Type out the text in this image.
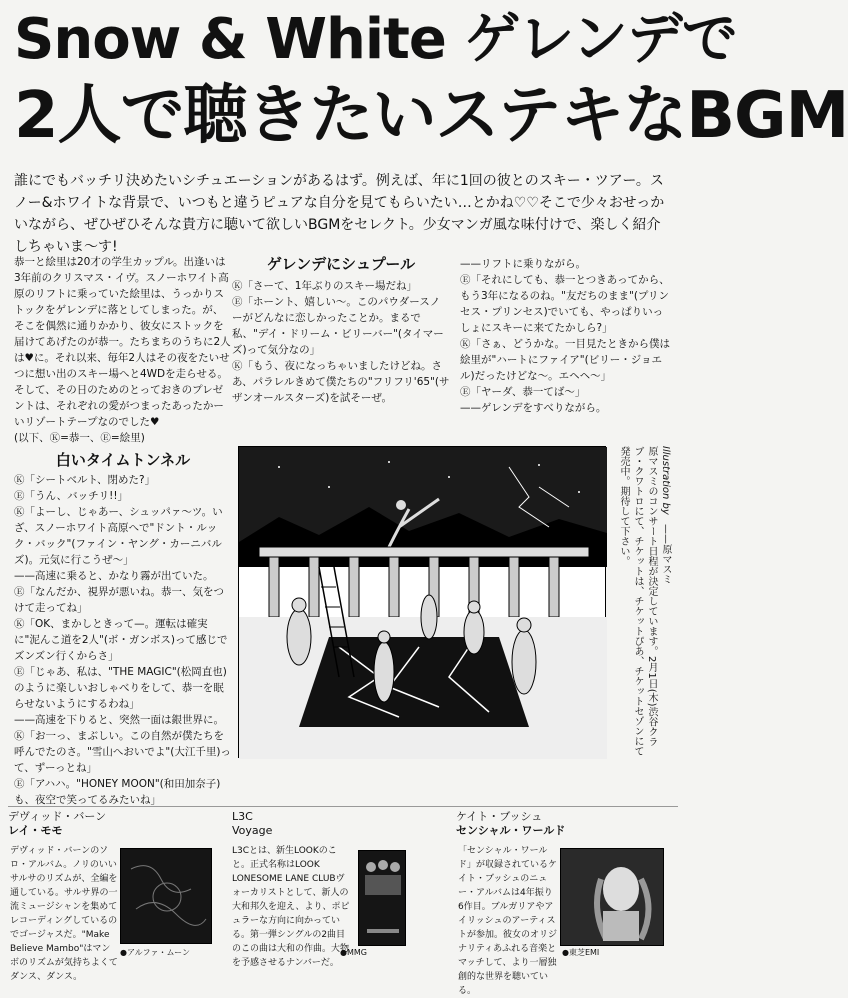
Snow & White ゲレンデで
2人で聴きたいステキなBGM
誰にでもバッチリ決めたいシチュエーションがあるはず。例えば、年に1回の彼とのスキー・ツアー。スノー&ホワイトな背景で、いつもと違うピュアな自分を見てもらいたい…とかね♡♡そこで少々おせっかいながら、ぜひぜひそんな貴方に聴いて欲しいBGMをセレクト。少女マンガ風な味付けで、楽しく紹介しちゃいま〜す!

恭一と絵里は20才の学生カップル。出逢いは3年前のクリスマス・イヴ。スノーホワイト高原のリフトに乗っていた絵里は、うっかりストックをゲレンデに落としてしまった。が、そこを偶然に通りかかり、彼女にストックを届けてあげたのが恭一。たちまちのうちに2人は♥に。それ以来、毎年2人はその夜をたいせつに想い出のスキー場へと4WDを走らせる。そして、その日のためのとっておきのプレゼントは、それぞれの愛がつまったあったかーいリゾートテープなのでした♥

(以下、Ⓚ=恭一、Ⓔ=絵里)

白いタイムトンネル

Ⓚ「シートベルト、閉めた?」

Ⓔ「うん、バッチリ!!」

Ⓚ「よーし、じゃあー、シュッパァ〜ツ。いざ、スノーホワイト高原へで"ドント・ルック・バック"(ファイン・ヤング・カーニバルズ)。元気に行こうぜ〜」

——高速に乗ると、かなり霧が出ていた。

Ⓔ「なんだか、視界が悪いね。恭一、気をつけて走ってね」

Ⓚ「OK、まかしときって—。運転は確実に"泥んこ道を2人"(ボ・ガンボス)って感じでズンズン行くからさ」

Ⓔ「じゃあ、私は、"THE MAGIC"(松岡直也)のように楽しいおしゃべりをして、恭一を眠らせないようにするわね」

——高速を下りると、突然一面は銀世界に。

Ⓚ「お一っ、まぶしい。この自然が僕たちを呼んでたのさ。"雪山へおいでよ"(大江千里)って、ずーっとね」

Ⓔ「アハハ。"HONEY MOON"(和田加奈子)も、夜空で笑ってるみたいね」

ゲレンデにシュプール

Ⓚ「さーて、1年ぶりのスキー場だね」

Ⓔ「ホーント、嬉しい〜。このパウダースノーがどんなに恋しかったことか。まるで私、"デイ・ドリーム・ビリーバー"(タイマーズ)って気分なの」

Ⓚ「もう、夜になっちゃいましたけどね。さあ、パラレルきめて僕たちの"フリフリ'65"(サザンオールスターズ)を試そーぜ。

——リフトに乗りながら。

Ⓔ「それにしても、恭一とつきあってから、もう3年になるのね。"友だちのまま"(プリンセス・プリンセス)でいても、やっぱりいっしょにスキーに来てたかしら?」

Ⓚ「さぁ、どうかな。一目見たときから僕は絵里が"ハートにファイア"(ビリー・ジョエル)だったけどな〜。エヘヘ〜」

Ⓔ「ヤーダ、恭一てば〜」

——ゲレンデをすべりながら。

Illustration by ——原マスミ
原マスミのコンサート日程が決定しています。2月1日(木)渋谷クラブ・クワトロにて、チケットは、チケットぴあ、チケットセゾンにて発売中。期待して下さい。
デヴィッド・バーン
レイ・モモ
デヴィッド・バーンのソロ・アルバム。ノリのいいサルサのリズムが、全編を通している。サルサ界の一流ミュージシャンを集めてレコーディングしているのでゴージャスだ。"Make Believe Mambo"はマンボのリズムが気持ちよくてダンス、ダンス。
●アルファ・ムーン
L3C
Voyage
L3Cとは、新生LOOKのこと。正式名称はLOOK LONESOME LANE CLUBヴォーカリストとして、新人の大和邦久を迎え、より、ポピュラーな方向に向かっている。第一弾シングルの2曲目のこの曲は大和の作曲。大物を予感させるナンバーだ。
●MMG
ケイト・ブッシュ
センシャル・ワールド
「センシャル・ワールド」が収録されているケイト・ブッシュのニュー・アルバムは4年振り6作目。ブルガリアやアイリッシュのアーティストが参加。彼女のオリジナリティあふれる音楽とマッチして、より一層独創的な世界を聴いている。
●東芝EMI
